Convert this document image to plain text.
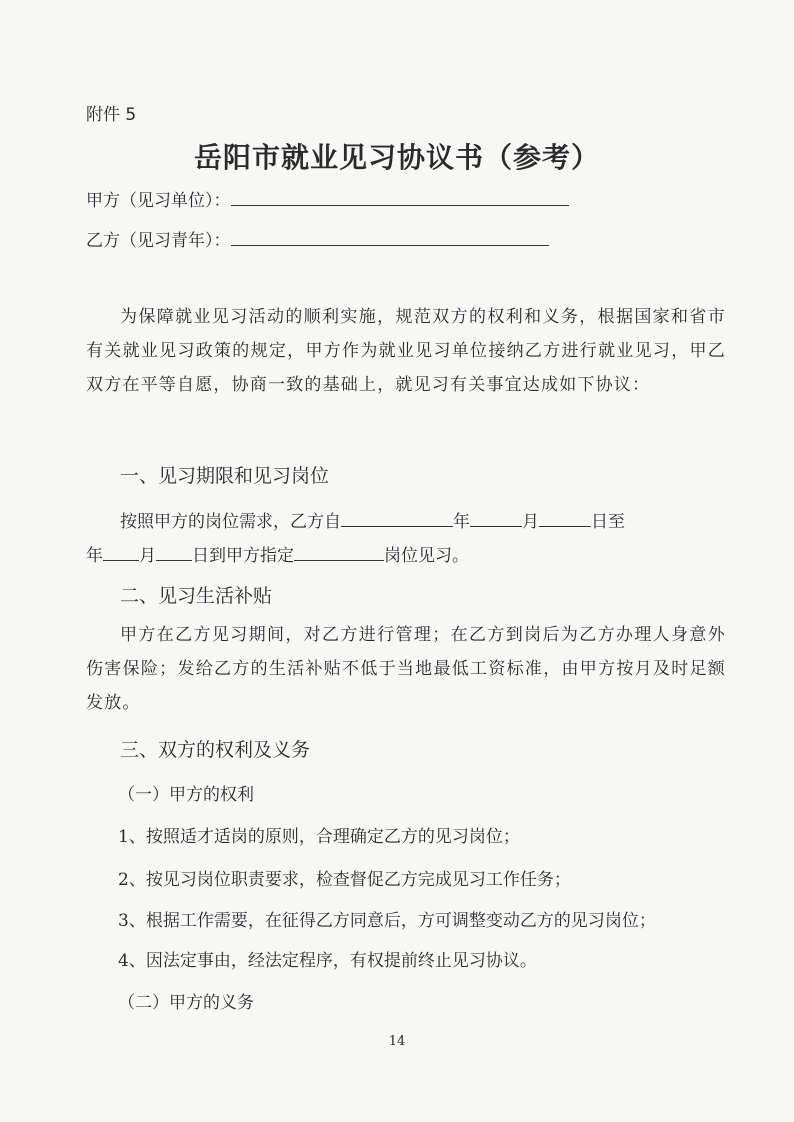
附件 5
岳阳市就业见习协议书（参考）
甲方（见习单位）：
乙方（见习青年）：
为保障就业见习活动的顺利实施，规范双方的权利和义务，根据国家和省市有关就业见习政策的规定，甲方作为就业见习单位接纳乙方进行就业见习，甲乙双方在平等自愿，协商一致的基础上，就见习有关事宜达成如下协议：
一、见习期限和见习岗位
按照甲方的岗位需求，乙方自	年	月	日至
年 月 日到甲方指定	岗位见习。
二、见习生活补贴
甲方在乙方见习期间，对乙方进行管理；在乙方到岗后为乙方办理人身意外伤害保险；发给乙方的生活补贴不低于当地最低工资标准，由甲方按月及时足额发放。
三、双方的权利及义务
（一）甲方的权利
1、按照适才适岗的原则，合理确定乙方的见习岗位；
2、按见习岗位职责要求，检查督促乙方完成见习工作任务；
3、根据工作需要，在征得乙方同意后，方可调整变动乙方的见习岗位；
4、因法定事由，经法定程序，有权提前终止见习协议。
（二）甲方的义务
14
